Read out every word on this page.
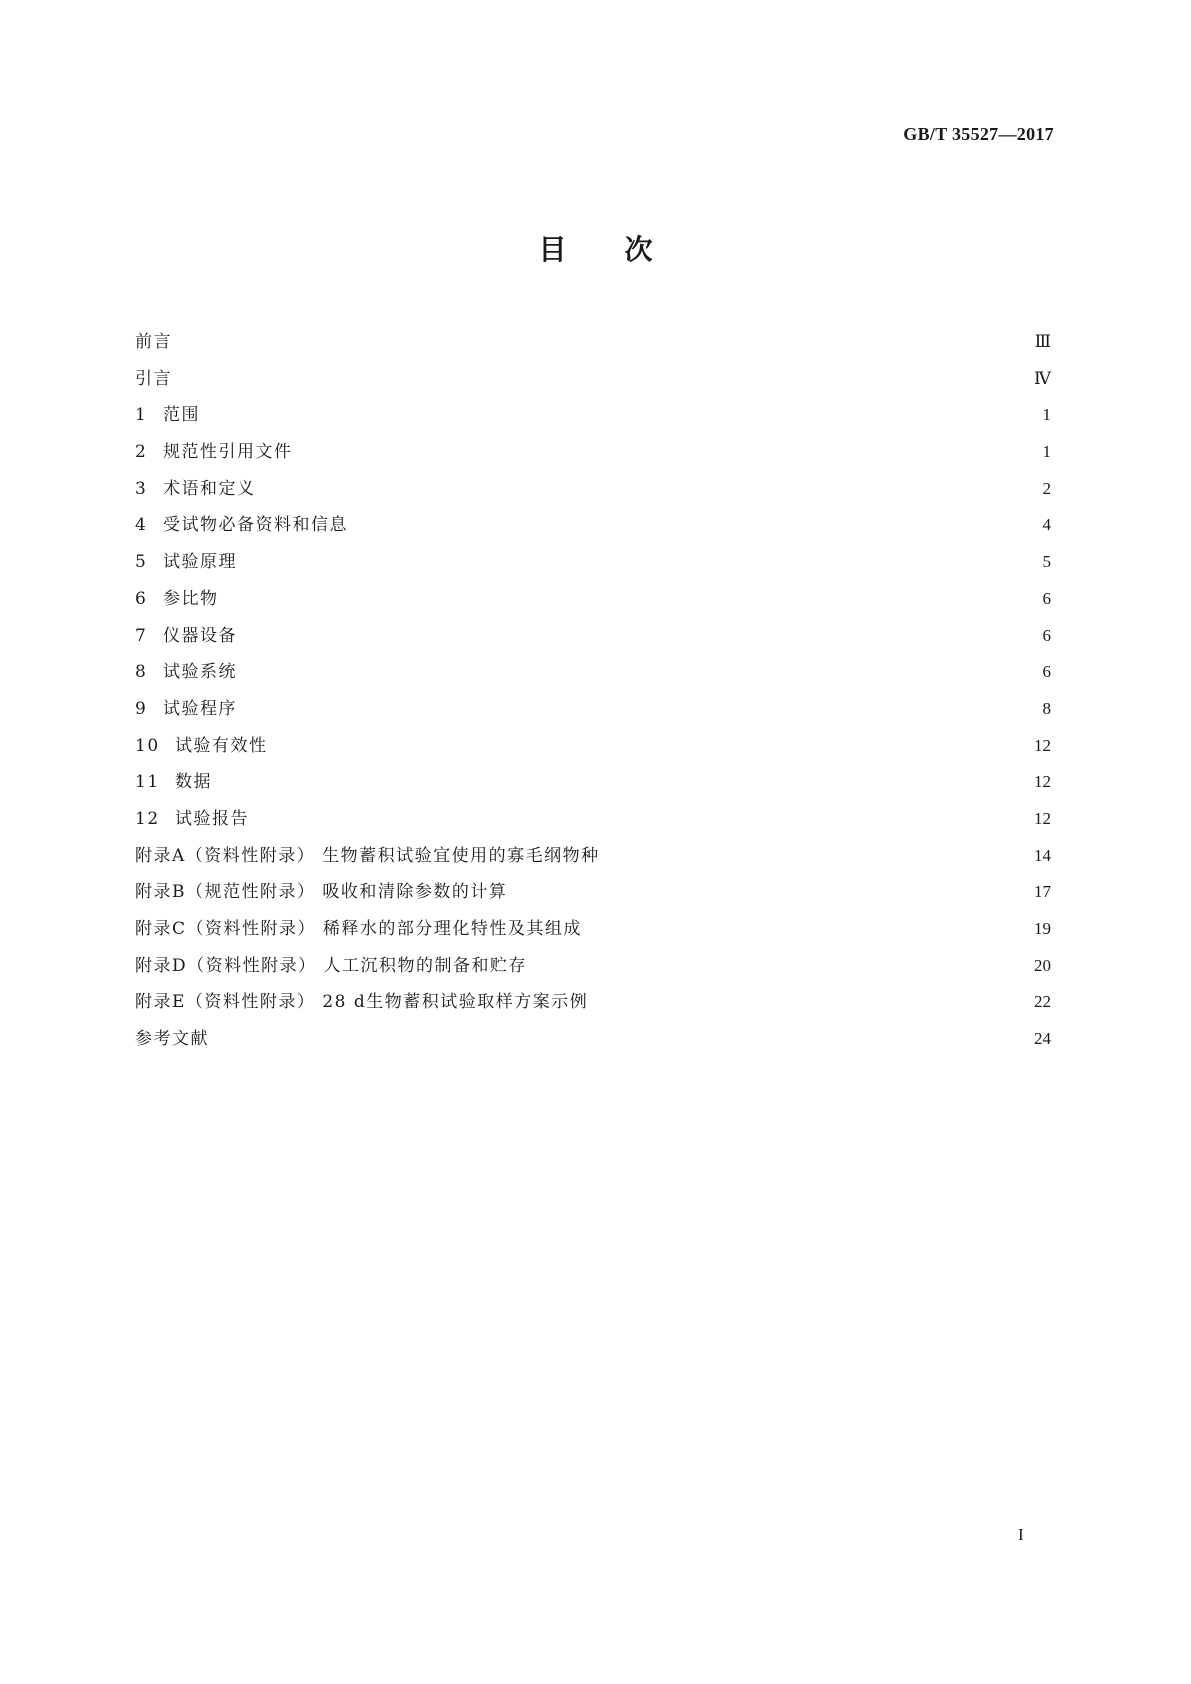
GB/T 35527—2017
目 次
前言	Ⅲ
引言	Ⅳ
1 范围	1
2 规范性引用文件	1
3 术语和定义	2
4 受试物必备资料和信息	4
5 试验原理	5
6 参比物	6
7 仪器设备	6
8 试验系统	6
9 试验程序	8
10 试验有效性	12
11 数据	12
12 试验报告	12
附录A（资料性附录） 生物蓄积试验宜使用的寡毛纲物种	14
附录B（规范性附录） 吸收和清除参数的计算	17
附录C（资料性附录） 稀释水的部分理化特性及其组成	19
附录D（资料性附录） 人工沉积物的制备和贮存	20
附录E（资料性附录） 28 d生物蓄积试验取样方案示例	22
参考文献	24
I
